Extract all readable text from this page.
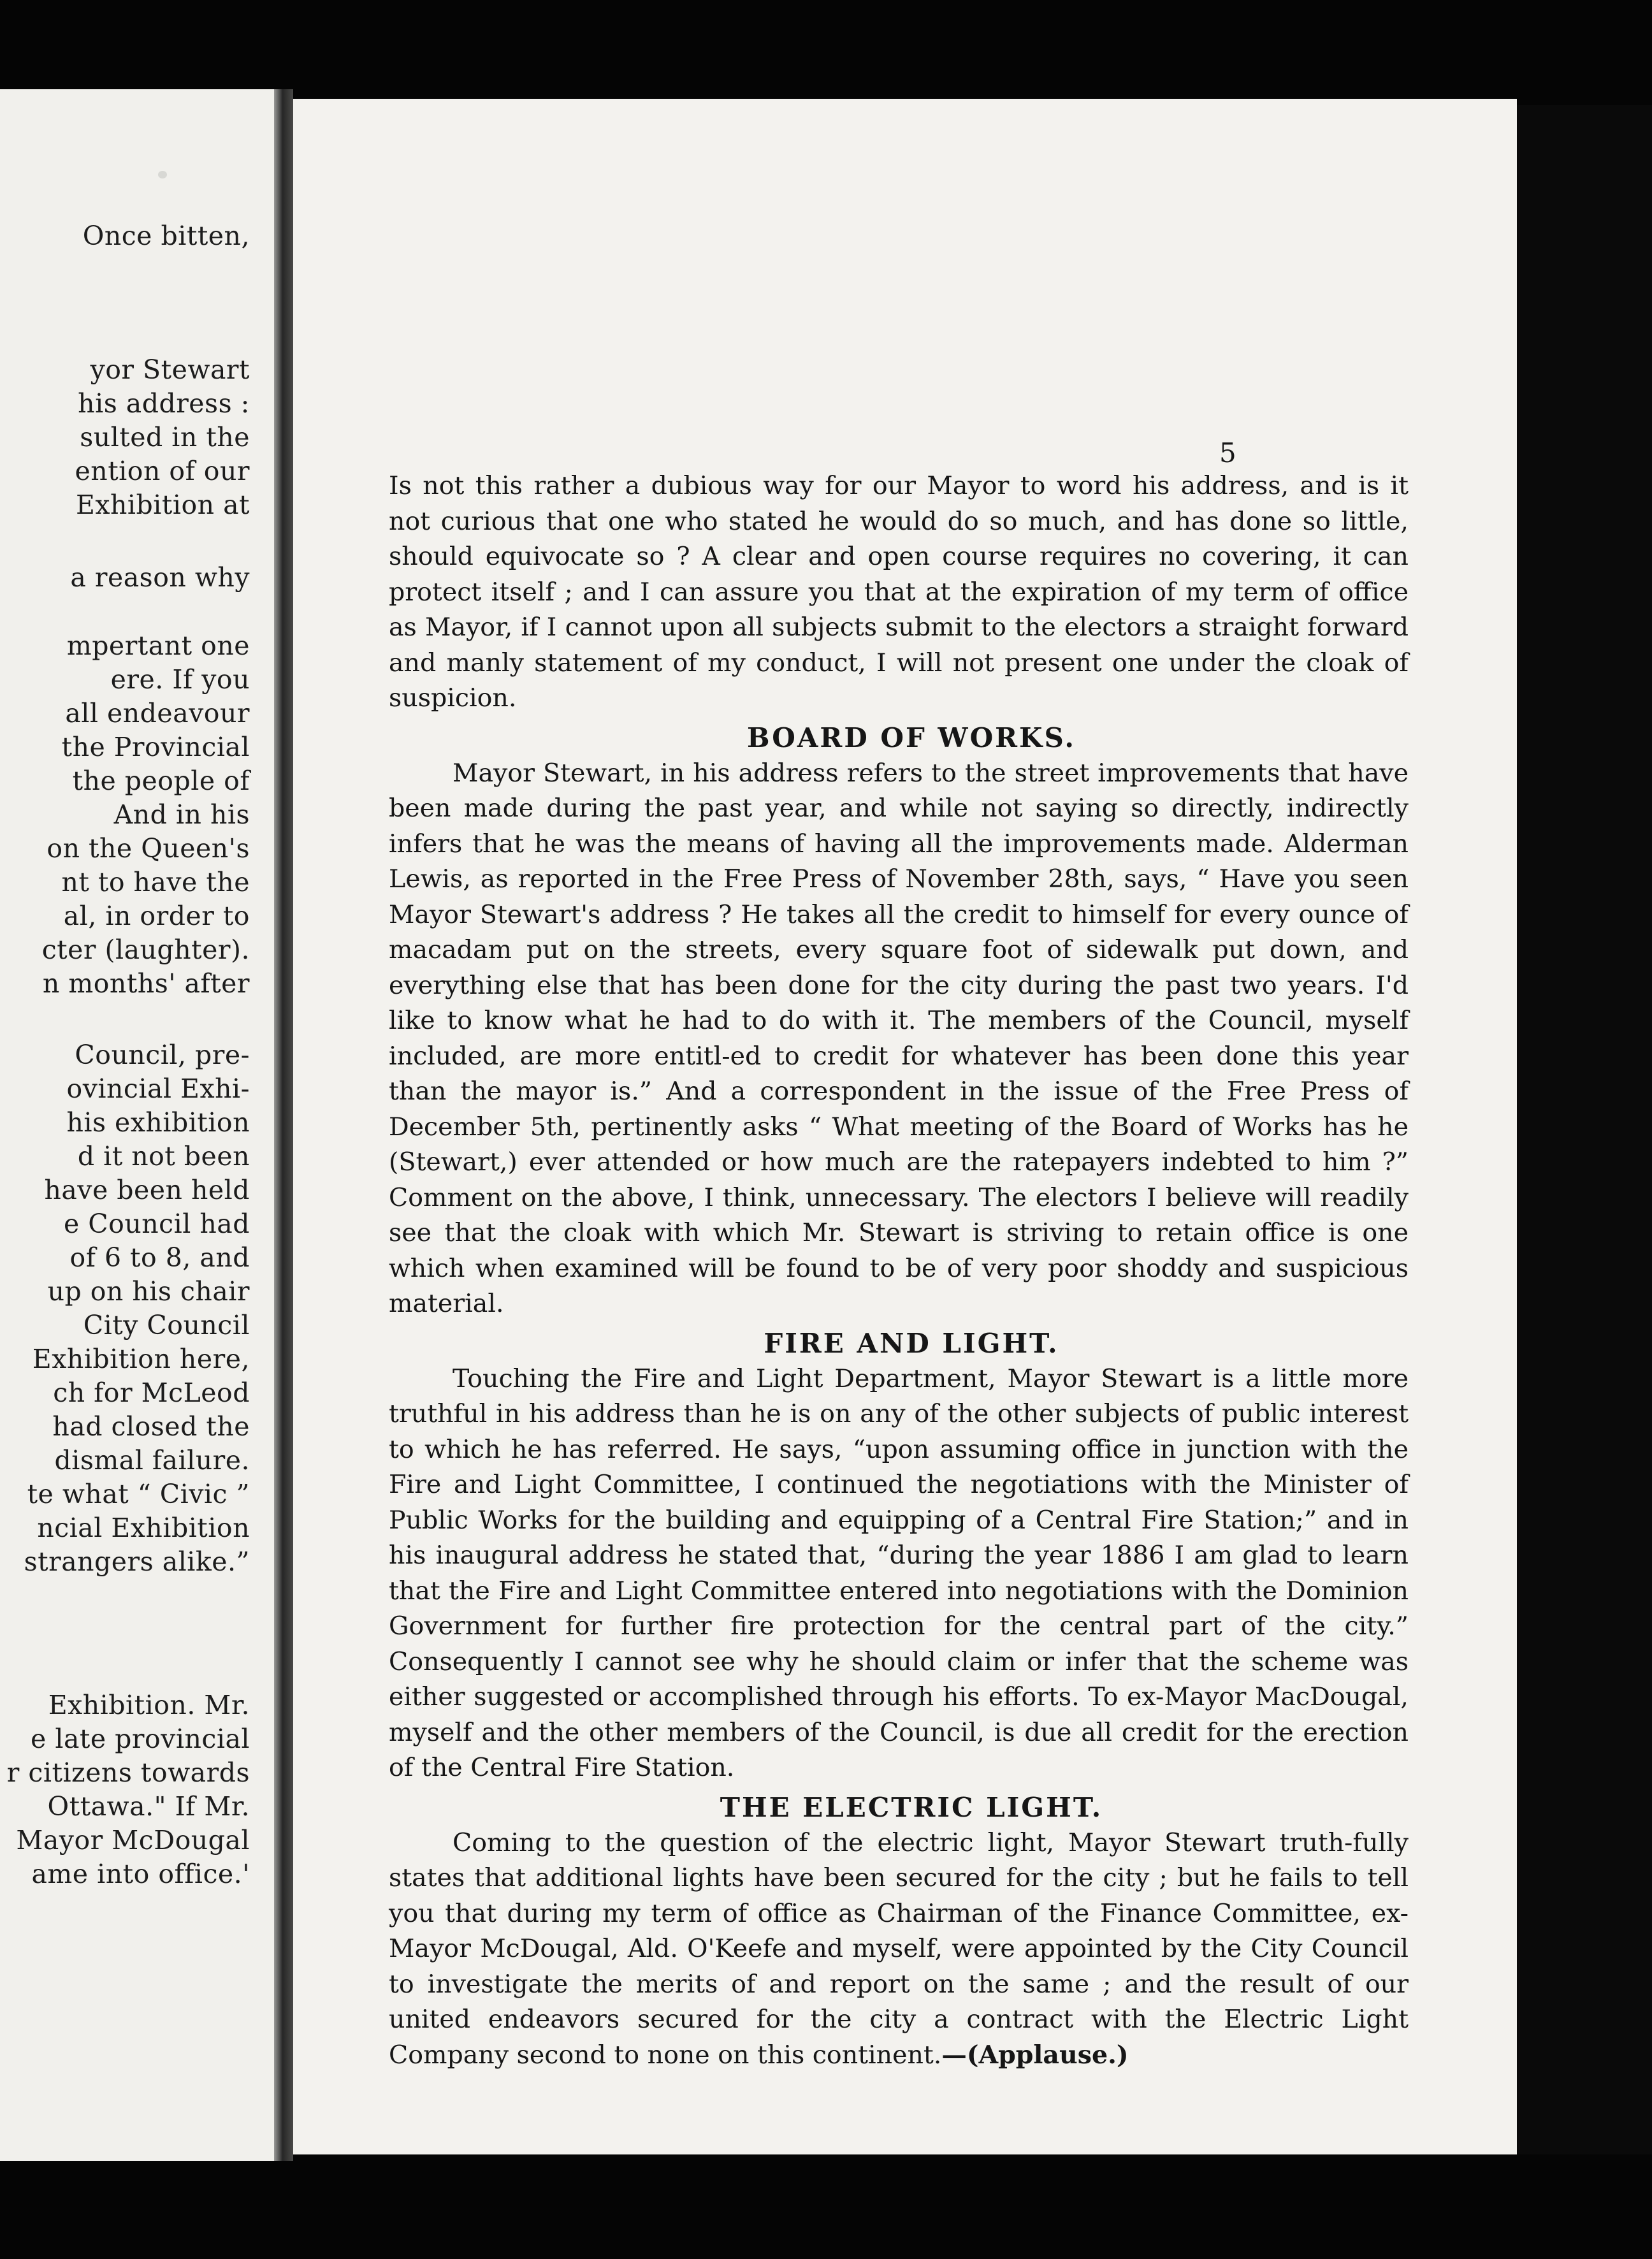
Once bitten,
yor Stewart
his address :
sulted in the
ention of our
Exhibition at
a reason why
mpertant one
ere. If you
all endeavour
the Provincial
the people of
And in his
on the Queen's
nt to have the
al, in order to
cter (laughter).
n months' after
Council, pre-
ovincial Exhi-
his exhibition
d it not been
have been held
e Council had
of 6 to 8, and
up on his chair
City Council
Exhibition here,
ch for McLeod
had closed the
dismal failure.
te what “ Civic ”
ncial Exhibition
strangers alike.”
Exhibition. Mr.
e late provincial
r citizens towards
Ottawa." If Mr.
Mayor McDougal
ame into office.'
5

Is not this rather a dubious way for our Mayor to word his address, and is it not curious that one who stated he would do so much, and has done so little, should equivocate so ? A clear and open course requires no covering, it can protect itself ; and I can assure you that at the expiration of my term of office as Mayor, if I cannot upon all subjects submit to the electors a straight forward and manly statement of my conduct, I will not present one under the cloak of suspicion.

BOARD OF WORKS.

Mayor Stewart, in his address refers to the street improvements that have been made during the past year, and while not saying so directly, indirectly infers that he was the means of having all the improvements made. Alderman Lewis, as reported in the Free Press of November 28th, says, “ Have you seen Mayor Stewart's address ? He takes all the credit to himself for every ounce of macadam put on the streets, every square foot of sidewalk put down, and everything else that has been done for the city during the past two years. I'd like to know what he had to do with it. The members of the Council, myself included, are more entitl-ed to credit for whatever has been done this year than the mayor is.” And a correspondent in the issue of the Free Press of December 5th, pertinently asks “ What meeting of the Board of Works has he (Stewart,) ever attended or how much are the ratepayers indebted to him ?” Comment on the above, I think, unnecessary. The electors I believe will readily see that the cloak with which Mr. Stewart is striving to retain office is one which when examined will be found to be of very poor shoddy and suspicious material.

FIRE AND LIGHT.

Touching the Fire and Light Department, Mayor Stewart is a little more truthful in his address than he is on any of the other subjects of public interest to which he has referred. He says, “upon assuming office in junction with the Fire and Light Committee, I continued the negotiations with the Minister of Public Works for the building and equipping of a Central Fire Station;” and in his inaugural address he stated that, “during the year 1886 I am glad to learn that the Fire and Light Committee entered into negotiations with the Dominion Government for further fire protection for the central part of the city.” Consequently I cannot see why he should claim or infer that the scheme was either suggested or accomplished through his efforts. To ex-Mayor MacDougal, myself and the other members of the Council, is due all credit for the erection of the Central Fire Station.

THE ELECTRIC LIGHT.

Coming to the question of the electric light, Mayor Stewart truth-fully states that additional lights have been secured for the city ; but he fails to tell you that during my term of office as Chairman of the Finance Committee, ex-Mayor McDougal, Ald. O'Keefe and myself, were appointed by the City Council to investigate the merits of and report on the same ; and the result of our united endeavors secured for the city a contract with the Electric Light Company second to none on this continent.—(Applause.)
